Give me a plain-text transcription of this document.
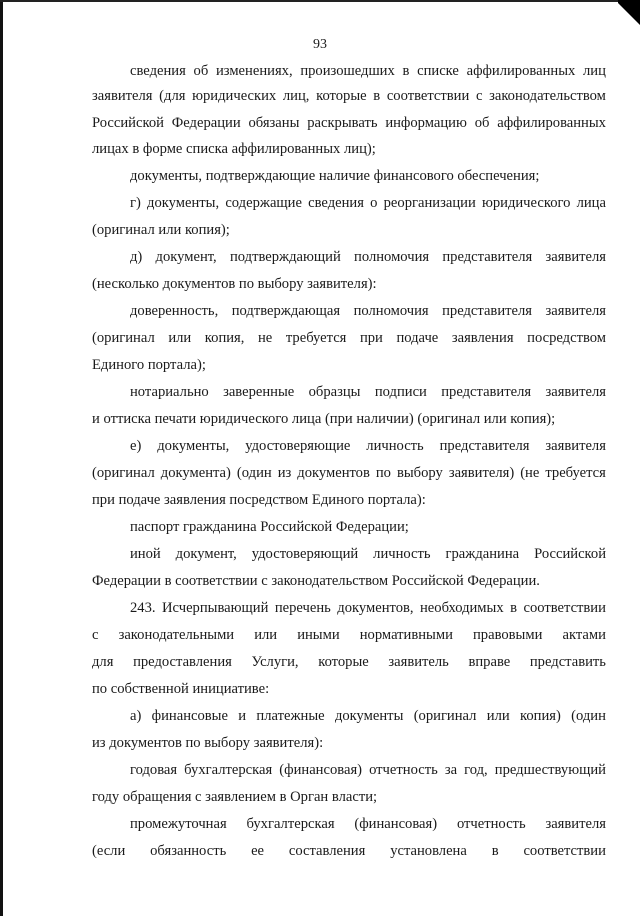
93
сведения об изменениях, произошедших в списке аффилированных лиц
заявителя (для юридических лиц, которые в соответствии с законодательством
Российской Федерации обязаны раскрывать информацию об аффилированных
лицах в форме списка аффилированных лиц);
документы, подтверждающие наличие финансового обеспечения;
г) документы, содержащие сведения о реорганизации юридического лица
(оригинал или копия);
д) документ, подтверждающий полномочия представителя заявителя
(несколько документов по выбору заявителя):
доверенность, подтверждающая полномочия представителя заявителя
(оригинал или копия, не требуется при подаче заявления посредством
Единого портала);
нотариально заверенные образцы подписи представителя заявителя
и оттиска печати юридического лица (при наличии) (оригинал или копия);
е) документы, удостоверяющие личность представителя заявителя
(оригинал документа) (один из документов по выбору заявителя) (не требуется
при подаче заявления посредством Единого портала):
паспорт гражданина Российской Федерации;
иной документ, удостоверяющий личность гражданина Российской
Федерации в соответствии с законодательством Российской Федерации.
243. Исчерпывающий перечень документов, необходимых в соответствии
с законодательными или иными нормативными правовыми актами
для предоставления Услуги, которые заявитель вправе представить
по собственной инициативе:
а) финансовые и платежные документы (оригинал или копия) (один
из документов по выбору заявителя):
годовая бухгалтерская (финансовая) отчетность за год, предшествующий
году обращения с заявлением в Орган власти;
промежуточная бухгалтерская (финансовая) отчетность заявителя
(если обязанность ее составления установлена в соответствии
